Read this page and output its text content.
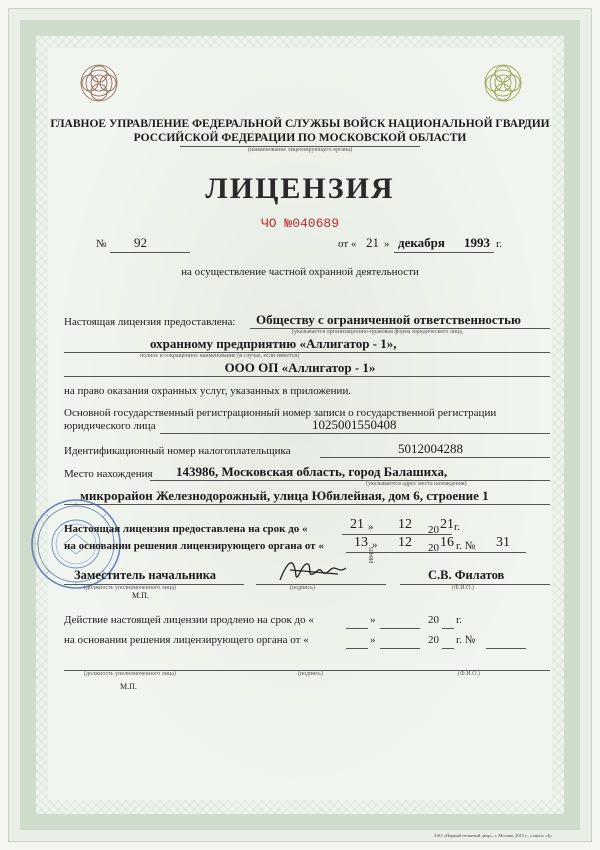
ГЛАВНОЕ УПРАВЛЕНИЕ ФЕДЕРАЛЬНОЙ СЛУЖБЫ ВОЙСК НАЦИОНАЛЬНОЙ ГВАРДИИ
РОССИЙСКОЙ ФЕДЕРАЦИИ ПО МОСКОВСКОЙ ОБЛАСТИ
(наименование лицензирующего органа)
ЛИЦЕНЗИЯ
ЧО №040689
№ 92	от « 21 » декабря 1993 г.
на осуществление частной охранной деятельности
Настоящая лицензия предоставлена: Обществу с ограниченной ответственностью
(указывается организационно-правовая форма юридического лица,
охранному предприятию «Аллигатор - 1»,
полное и сокращенное наименование (в случае, если имеется)
ООО ОП «Аллигатор - 1»
на право оказания охранных услуг, указанных в приложении.
Основной государственный регистрационный номер записи о государственной регистрации
юридического лица	1025001550408
Идентификационный номер налогоплательщика	5012004288
Место нахождения 143986, Московская область, город Балашиха,
(указываются адрес места нахождения)
микрорайон Железнодорожный, улица Юбилейная, дом 6, строение 1
Настоящая лицензия предоставлена на срок до «	21 » 12 20 21 г.
на основании решения лицензирующего органа от « 13 » 12 20 16 г. № 31
Заместитель начальника
(должность уполномоченного лица)
М.П.
И8435
(подпись)
С.В. Филатов
(Ф.И.О.)
Действие настоящей лицензии продлено на срок до «	»	20 г.
на основании решения лицензирующего органа от «	»	20 г. №
(должность уполномоченного лица)	(подпись)	(Ф.И.О.)
М.П.
ЗАО «Первый печатный двор», г. Москва, 2015 г., «заказ» «Б»
